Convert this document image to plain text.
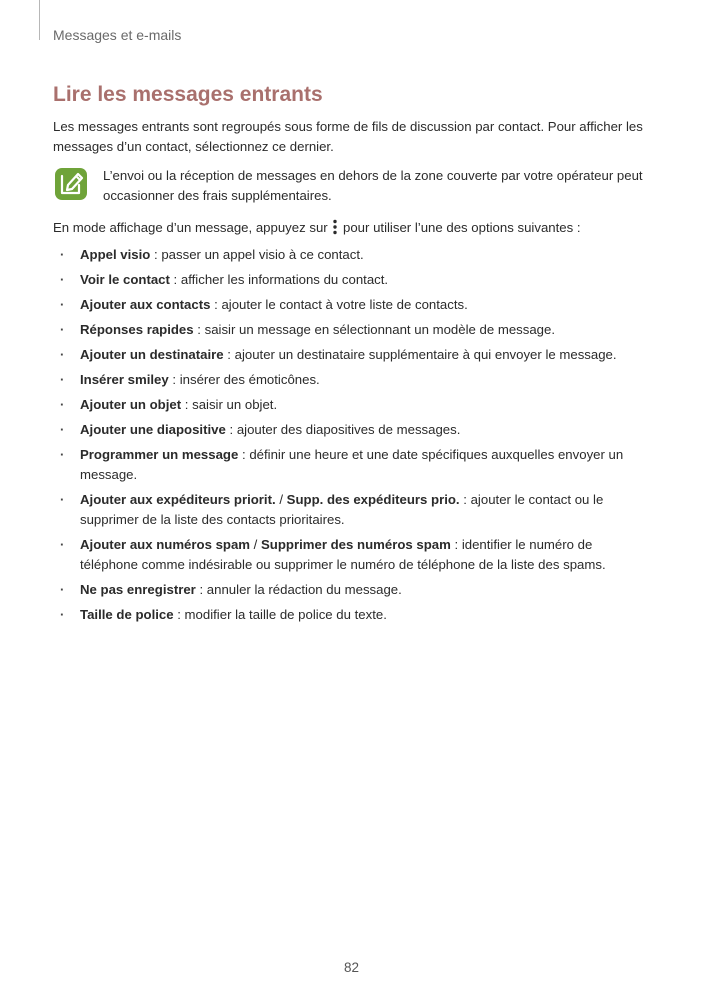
Messages et e-mails
Lire les messages entrants

Les messages entrants sont regroupés sous forme de fils de discussion par contact. Pour afficher les messages d’un contact, sélectionnez ce dernier.

L’envoi ou la réception de messages en dehors de la zone couverte par votre opérateur peut occasionner des frais supplémentaires.

En mode affichage d’un message, appuyez sur pour utiliser l’une des options suivantes :

· Appel visio : passer un appel visio à ce contact.
· Voir le contact : afficher les informations du contact.
· Ajouter aux contacts : ajouter le contact à votre liste de contacts.
· Réponses rapides : saisir un message en sélectionnant un modèle de message.
· Ajouter un destinataire : ajouter un destinataire supplémentaire à qui envoyer le message.
· Insérer smiley : insérer des émoticônes.
· Ajouter un objet : saisir un objet.
· Ajouter une diapositive : ajouter des diapositives de messages.
· Programmer un message : définir une heure et une date spécifiques auxquelles envoyer un message.
· Ajouter aux expéditeurs priorit. / Supp. des expéditeurs prio. : ajouter le contact ou le supprimer de la liste des contacts prioritaires.
· Ajouter aux numéros spam / Supprimer des numéros spam : identifier le numéro de téléphone comme indésirable ou supprimer le numéro de téléphone de la liste des spams.
· Ne pas enregistrer : annuler la rédaction du message.
· Taille de police : modifier la taille de police du texte.
82
